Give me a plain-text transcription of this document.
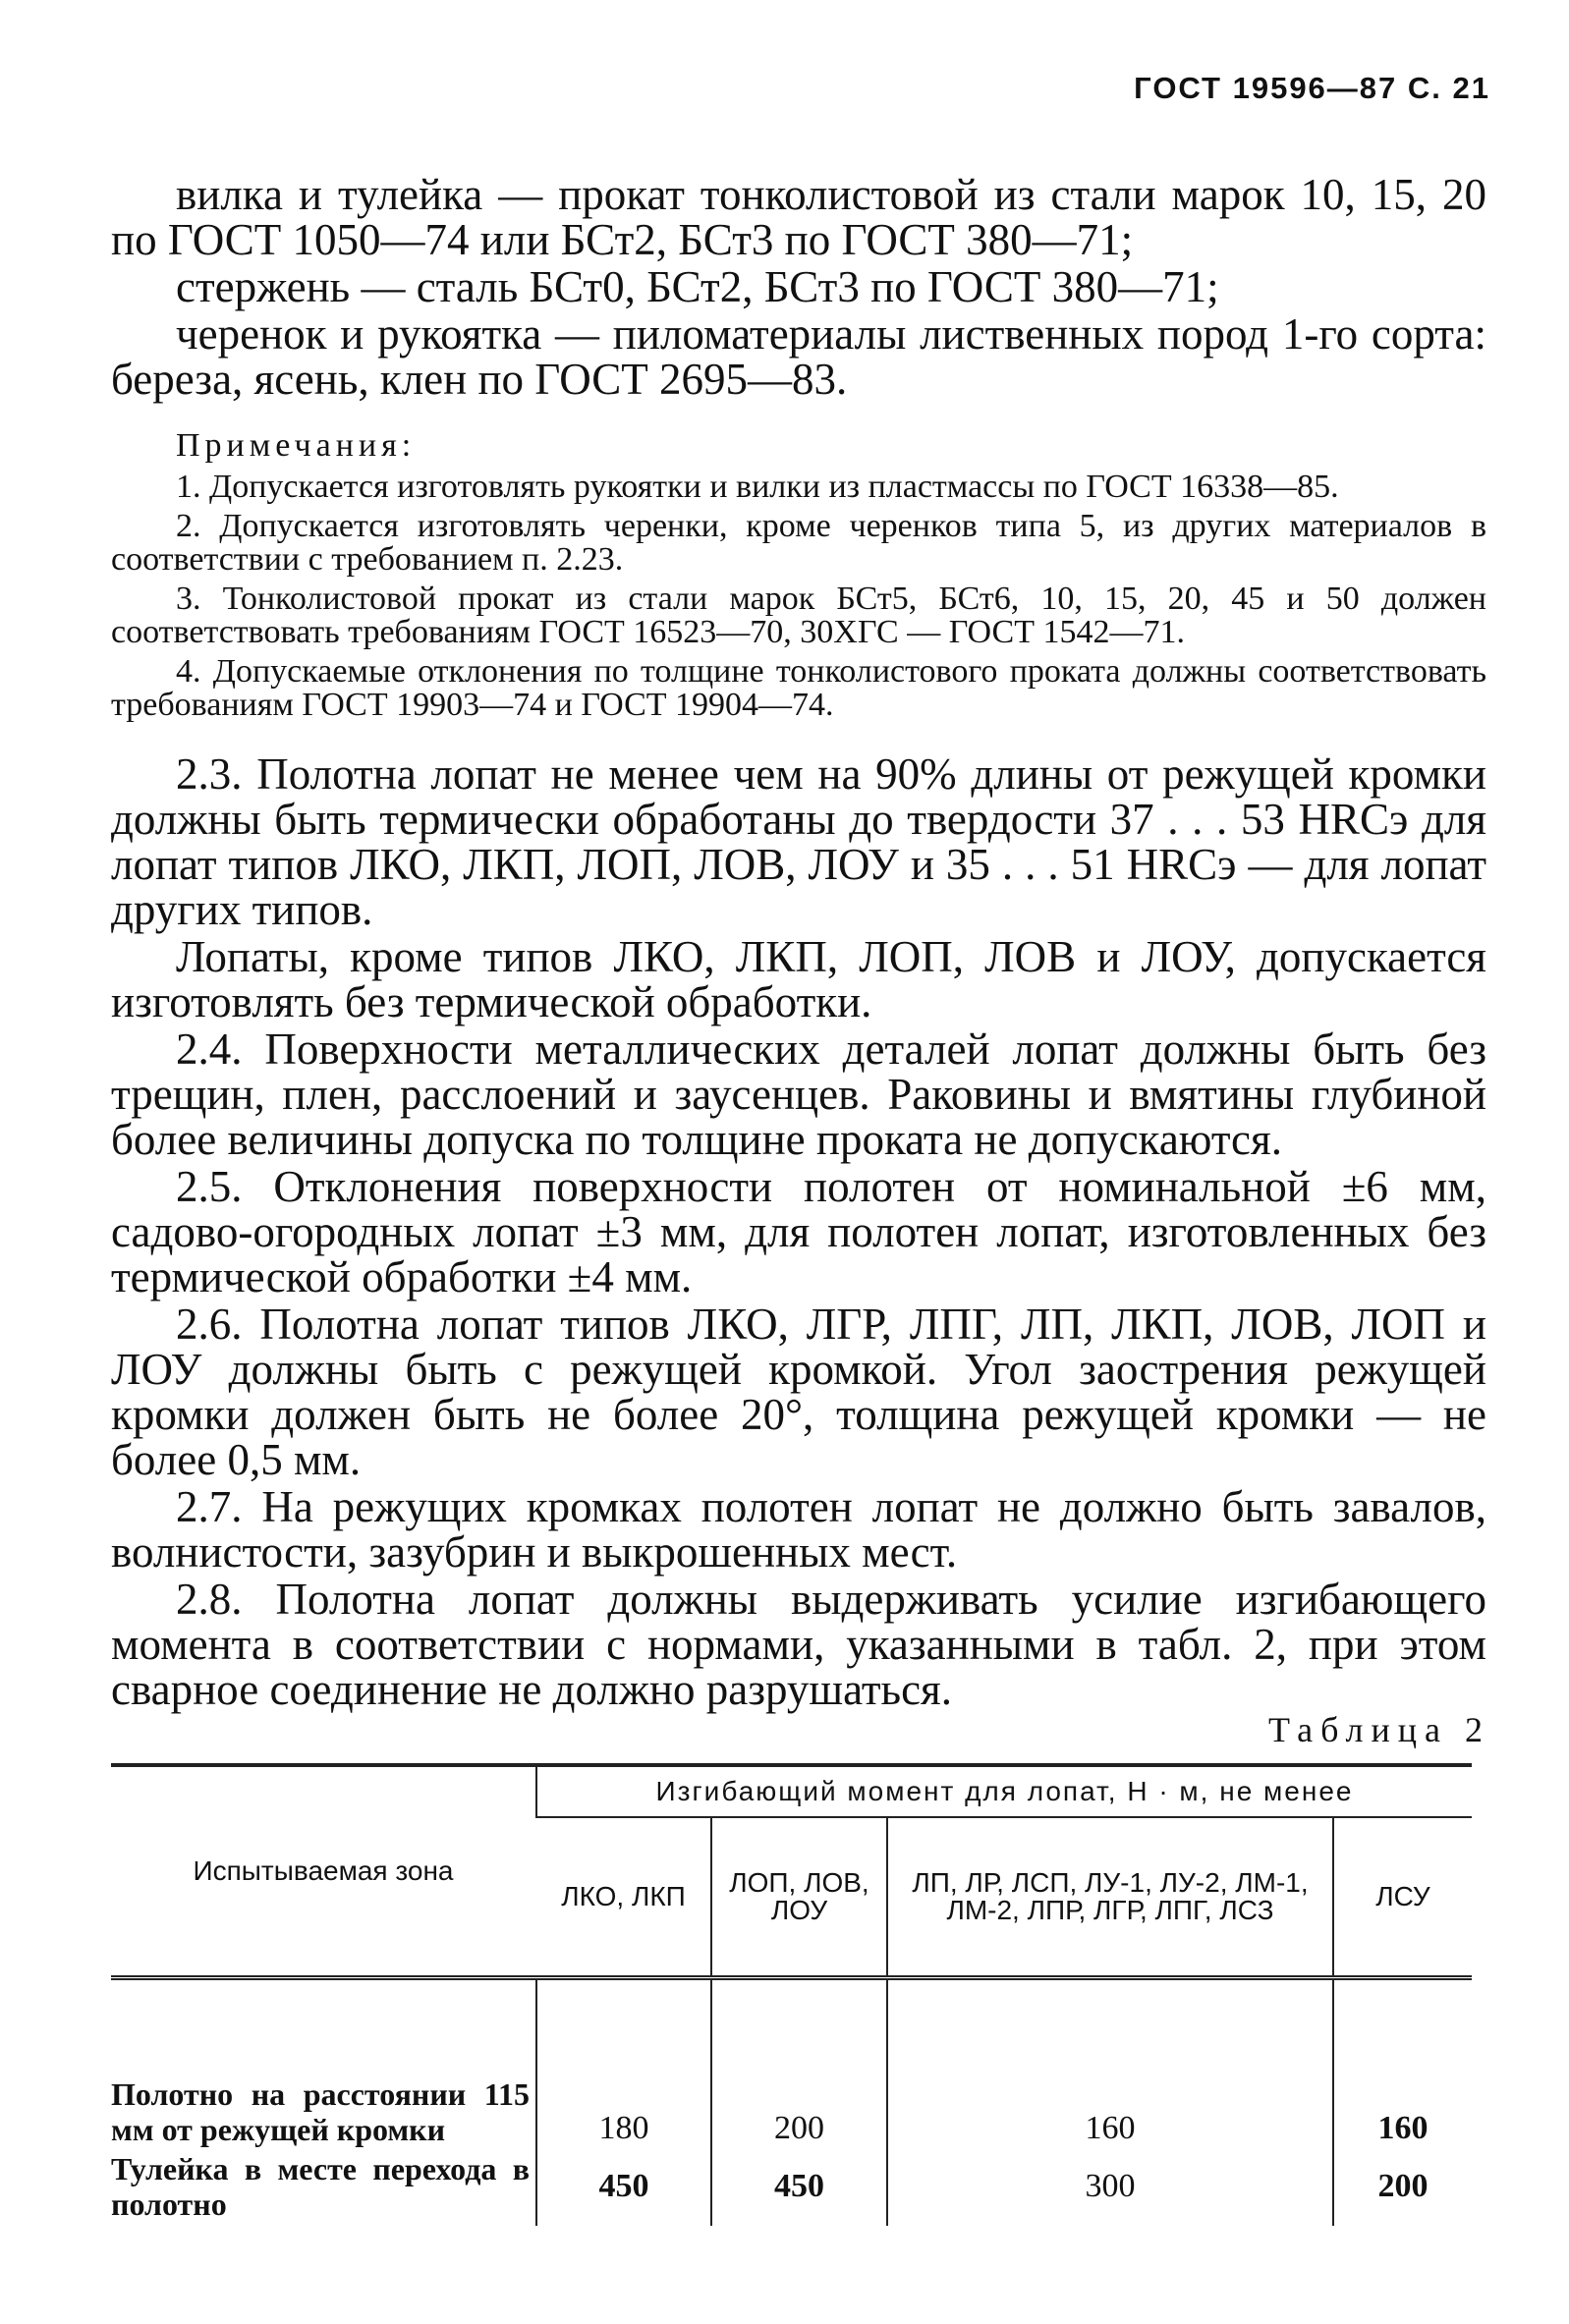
ГОСТ 19596—87 С. 21

вилка и тулейка — прокат тонколистовой из стали марок 10, 15, 20 по ГОСТ 1050—74 или БСт2, БСт3 по ГОСТ 380—71;

стержень — сталь БСт0, БСт2, БСт3 по ГОСТ 380—71;

черенок и рукоятка — пиломатериалы лиственных пород 1-го сорта: береза, ясень, клен по ГОСТ 2695—83.

Примечания:

1. Допускается изготовлять рукоятки и вилки из пластмассы по ГОСТ 16338—85.

2. Допускается изготовлять черенки, кроме черенков типа 5, из других материалов в соответствии с требованием п. 2.23.

3. Тонколистовой прокат из стали марок БСт5, БСт6, 10, 15, 20, 45 и 50 должен соответствовать требованиям ГОСТ 16523—70, 30ХГС — ГОСТ 1542—71.

4. Допускаемые отклонения по толщине тонколистового проката должны соответствовать требованиям ГОСТ 19903—74 и ГОСТ 19904—74.

2.3. Полотна лопат не менее чем на 90% длины от режущей кромки должны быть термически обработаны до твердости 37 . . . 53 HRCэ для лопат типов ЛКО, ЛКП, ЛОП, ЛОВ, ЛОУ и 35 . . . 51 HRCэ — для лопат других типов.

Лопаты, кроме типов ЛКО, ЛКП, ЛОП, ЛОВ и ЛОУ, допускается изготовлять без термической обработки.

2.4. Поверхности металлических деталей лопат должны быть без трещин, плен, расслоений и заусенцев. Раковины и вмятины глубиной более величины допуска по толщине проката не допускаются.

2.5. Отклонения поверхности полотен от номинальной ±6 мм, садово-огородных лопат ±3 мм, для полотен лопат, изготовленных без термической обработки ±4 мм.

2.6. Полотна лопат типов ЛКО, ЛГР, ЛПГ, ЛП, ЛКП, ЛОВ, ЛОП и ЛОУ должны быть с режущей кромкой. Угол заострения режущей кромки должен быть не более 20°, толщина режущей кромки — не более 0,5 мм.

2.7. На режущих кромках полотен лопат не должно быть завалов, волнистости, зазубрин и выкрошенных мест.

2.8. Полотна лопат должны выдерживать усилие изгибающего момента в соответствии с нормами, указанными в табл. 2, при этом сварное соединение не должно разрушаться.

Таблица 2
Испытываемая зона	Изгибающий момент для лопат, Н · м, не менее			
	ЛКО, ЛКП	ЛОП, ЛОВ, ЛОУ	ЛП, ЛР, ЛСП, ЛУ-1, ЛУ-2, ЛМ-1, ЛМ-2, ЛПР, ЛГР, ЛПГ, ЛСЗ	ЛСУ
Полотно на расстоянии 115 мм от режущей кромки	180	200	160	160
Тулейка в месте перехода в полотно	450	450	300	200
